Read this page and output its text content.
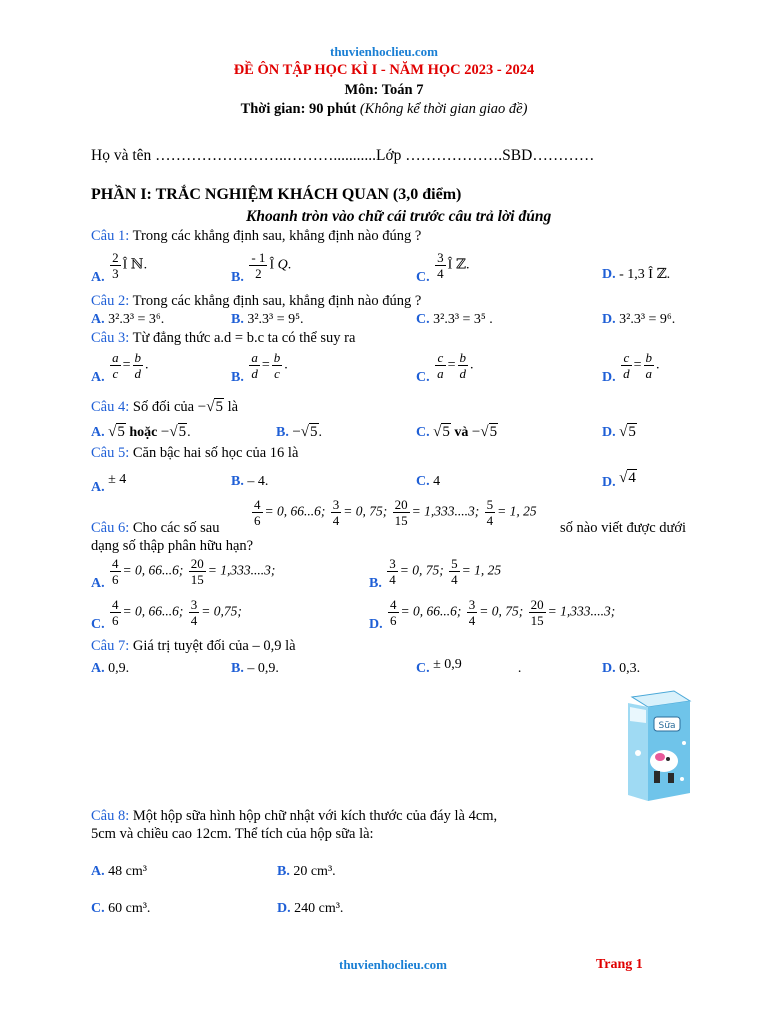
thuvienhoclieu.com
ĐỀ ÔN TẬP HỌC KÌ I - NĂM HỌC 2023 - 2024
Môn: Toán 7
Thời gian: 90 phút (Không kể thời gian giao đề)
Họ và tên ……………………..………...........Lớp ……………….SBD…………
PHẦN I: TRẮC NGHIỆM KHÁCH QUAN (3,0 điểm)
Khoanh tròn vào chữ cái trước câu trả lời đúng
Câu 1: Trong các khẳng định sau, khẳng định nào đúng ?
A. $\frac{2}{3}$ Î ℕ.
B. $\frac{- 1}{2}$ Î Q.
C. $\frac{3}{4}$ Î ℤ.
D. - 1,3 Î ℤ.
Câu 2: Trong các khẳng định sau, khẳng định nào đúng ?
A. 3².3³ = 3⁶.	B. 3².3³ = 9⁵.	C. 3².3³ = 3⁵ .	D. 3².3³ = 9⁶.
Câu 3: Từ đẳng thức a.d = b.c ta có thể suy ra
A. $\frac{a}{c} = \frac{b}{d}$ .
B. $\frac{a}{d} = \frac{b}{c}$ .
C. $\frac{c}{a} = \frac{b}{d}$ .
D. $\frac{c}{d} = \frac{b}{a}$ .
Câu 4: Số đối của −√5 là
A. √5 hoặc −√5.	B. −√5.	C. √5 và −√5	D. √5
Câu 5: Căn bậc hai số học của 16 là
A. ± 4	B. – 4.	C. 4	D. √4
$\frac{4}{6} = 0$, 66...6; $\frac{3}{4} = 0$, 75; $\frac{20}{15} = 1,333....3$; $\frac{5}{4} = 1$, 25
Câu 6: Cho các số sau	số nào viết được dưới
dạng số thập phân hữu hạn?
A. $\frac{4}{6} = 0$, 66...6; $\frac{20}{15} = 1,333....3$;
B. $\frac{3}{4} = 0$, 75; $\frac{5}{4} = 1$, 25
C. $\frac{4}{6} = 0$, 66...6; $\frac{3}{4} = 0,75$;
D. $\frac{4}{6} = 0$, 66...6; $\frac{3}{4} = 0$, 75; $\frac{20}{15} = 1,333....3$;
Câu 7: Giá trị tuyệt đối của – 0,9 là
A. 0,9.	B. – 0,9.	C. ± 0,9	.	D. 0,3.
Sữa
Câu 8: Một hộp sữa hình hộp chữ nhật với kích thước của đáy là 4cm,
5cm và chiều cao 12cm. Thể tích của hộp sữa là:
A. 48 cm³	B. 20 cm³.
C. 60 cm³.	D. 240 cm³.
thuvienhoclieu.com	Trang 1
